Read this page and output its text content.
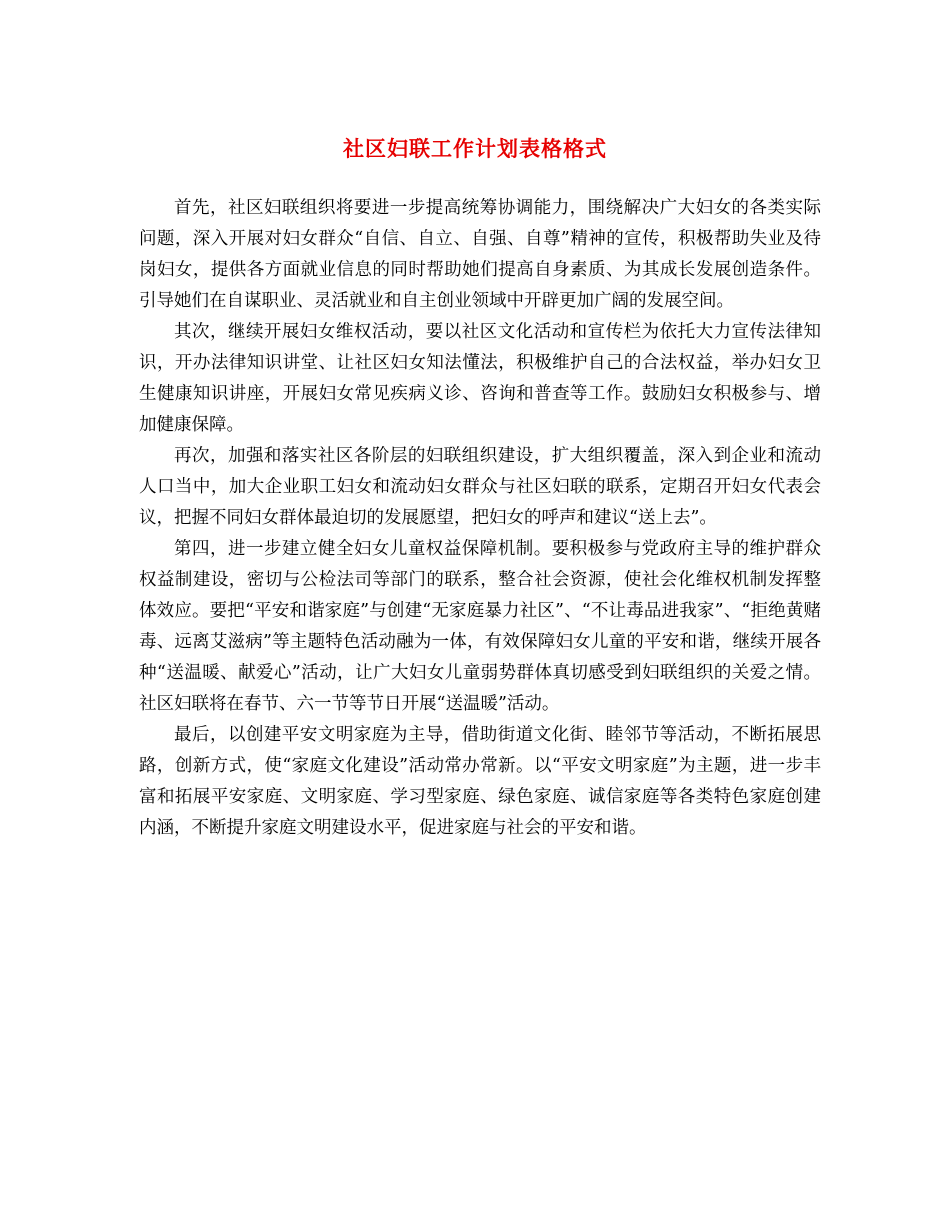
社区妇联工作计划表格格式

首先，社区妇联组织将要进一步提高统筹协调能力，围绕解决广大妇女的各类实际问题，深入开展对妇女群众“自信、自立、自强、自尊”精神的宣传，积极帮助失业及待岗妇女，提供各方面就业信息的同时帮助她们提高自身素质、为其成长发展创造条件。引导她们在自谋职业、灵活就业和自主创业领域中开辟更加广阔的发展空间。

其次，继续开展妇女维权活动，要以社区文化活动和宣传栏为依托大力宣传法律知识，开办法律知识讲堂、让社区妇女知法懂法，积极维护自己的合法权益，举办妇女卫生健康知识讲座，开展妇女常见疾病义诊、咨询和普查等工作。鼓励妇女积极参与、增加健康保障。

再次，加强和落实社区各阶层的妇联组织建设，扩大组织覆盖，深入到企业和流动人口当中，加大企业职工妇女和流动妇女群众与社区妇联的联系，定期召开妇女代表会议，把握不同妇女群体最迫切的发展愿望，把妇女的呼声和建议“送上去”。

第四，进一步建立健全妇女儿童权益保障机制。要积极参与党政府主导的维护群众权益制建设，密切与公检法司等部门的联系，整合社会资源，使社会化维权机制发挥整体效应。要把“平安和谐家庭”与创建“无家庭暴力社区”、“不让毒品进我家”、“拒绝黄赌毒、远离艾滋病”等主题特色活动融为一体，有效保障妇女儿童的平安和谐，继续开展各种“送温暖、献爱心”活动，让广大妇女儿童弱势群体真切感受到妇联组织的关爱之情。社区妇联将在春节、六一节等节日开展“送温暖”活动。

最后，以创建平安文明家庭为主导，借助街道文化街、睦邻节等活动，不断拓展思路，创新方式，使“家庭文化建设”活动常办常新。以“平安文明家庭”为主题，进一步丰富和拓展平安家庭、文明家庭、学习型家庭、绿色家庭、诚信家庭等各类特色家庭创建内涵，不断提升家庭文明建设水平，促进家庭与社会的平安和谐。
